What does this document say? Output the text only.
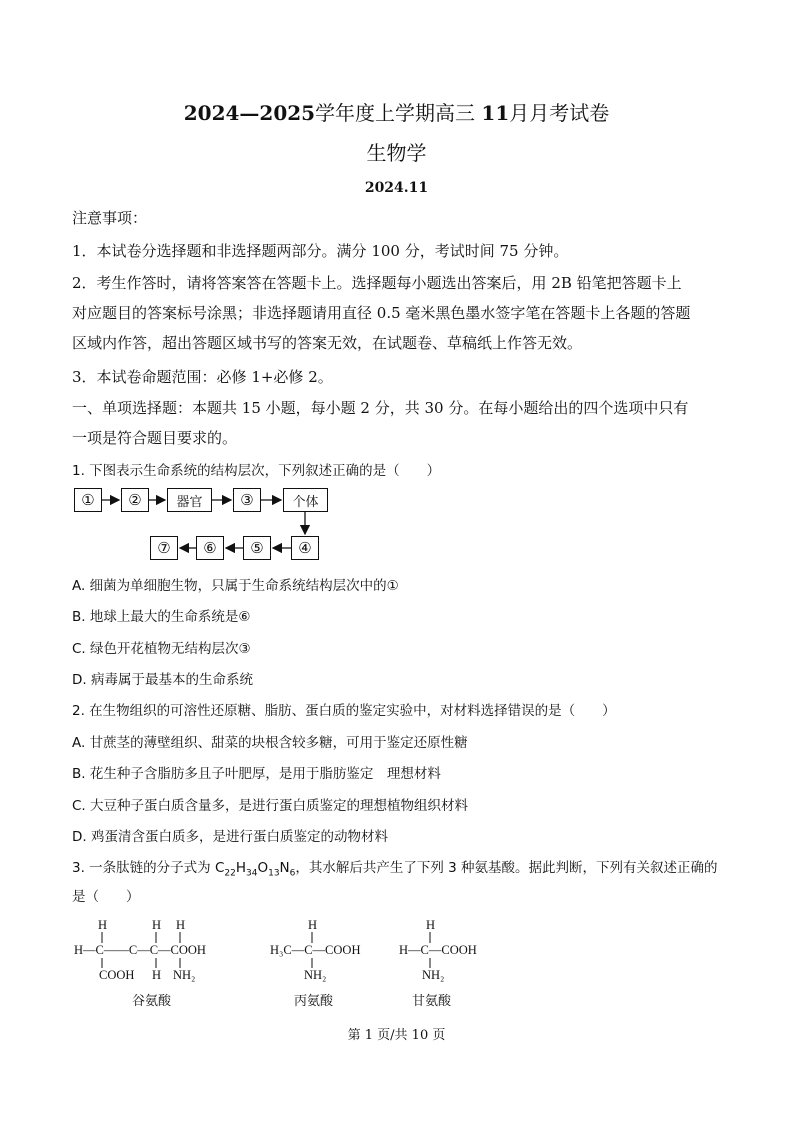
2024—2025学年度上学期高三 11月月考试卷
生物学
2024.11
注意事项：
1．本试卷分选择题和非选择题两部分。满分 100 分，考试时间 75 分钟。
2．考生作答时，请将答案答在答题卡上。选择题每小题选出答案后，用 2B 铅笔把答题卡上
对应题目的答案标号涂黑；非选择题请用直径 0.5 毫米黑色墨水签字笔在答题卡上各题的答题
区域内作答，超出答题区域书写的答案无效，在试题卷、草稿纸上作答无效。
3．本试卷命题范围：必修 1+必修 2。
一、单项选择题：本题共 15 小题，每小题 2 分，共 30 分。在每小题给出的四个选项中只有
一项是符合题目要求的。
1. 下图表示生命系统的结构层次，下列叙述正确的是（　　）
①	②	器官	③	个体
④
⑤
⑥
⑦
A. 细菌为单细胞生物，只属于生命系统结构层次中的①
B. 地球上最大的生命系统是⑥
C. 绿色开花植物无结构层次③
D. 病毒属于最基本的生命系统
2. 在生物组织的可溶性还原糖、脂肪、蛋白质的鉴定实验中，对材料选择错误的是（　　）
A. 甘蔗茎的薄壁组织、甜菜的块根含较多糖，可用于鉴定还原性糖
B. 花生种子含脂肪多且子叶肥厚，是用于脂肪鉴定　理想材料
C. 大豆种子蛋白质含量多，是进行蛋白质鉴定的理想植物组织材料
D. 鸡蛋清含蛋白质多，是进行蛋白质鉴定的动物材料
3. 一条肽链的分子式为 $C_{22}H_{34}O_{13}N_6$，其水解后共产生了下列 3 种氨基酸。据此判断，下列有关叙述正确的
是（　　）
H	H H
H—C——C—C—COOH
COOH H NH₂
谷氨酸
H
H₃C—C—COOH
NH₂
丙氨酸
H
H—C—COOH
NH₂
甘氨酸
第 1 页/共 10 页
